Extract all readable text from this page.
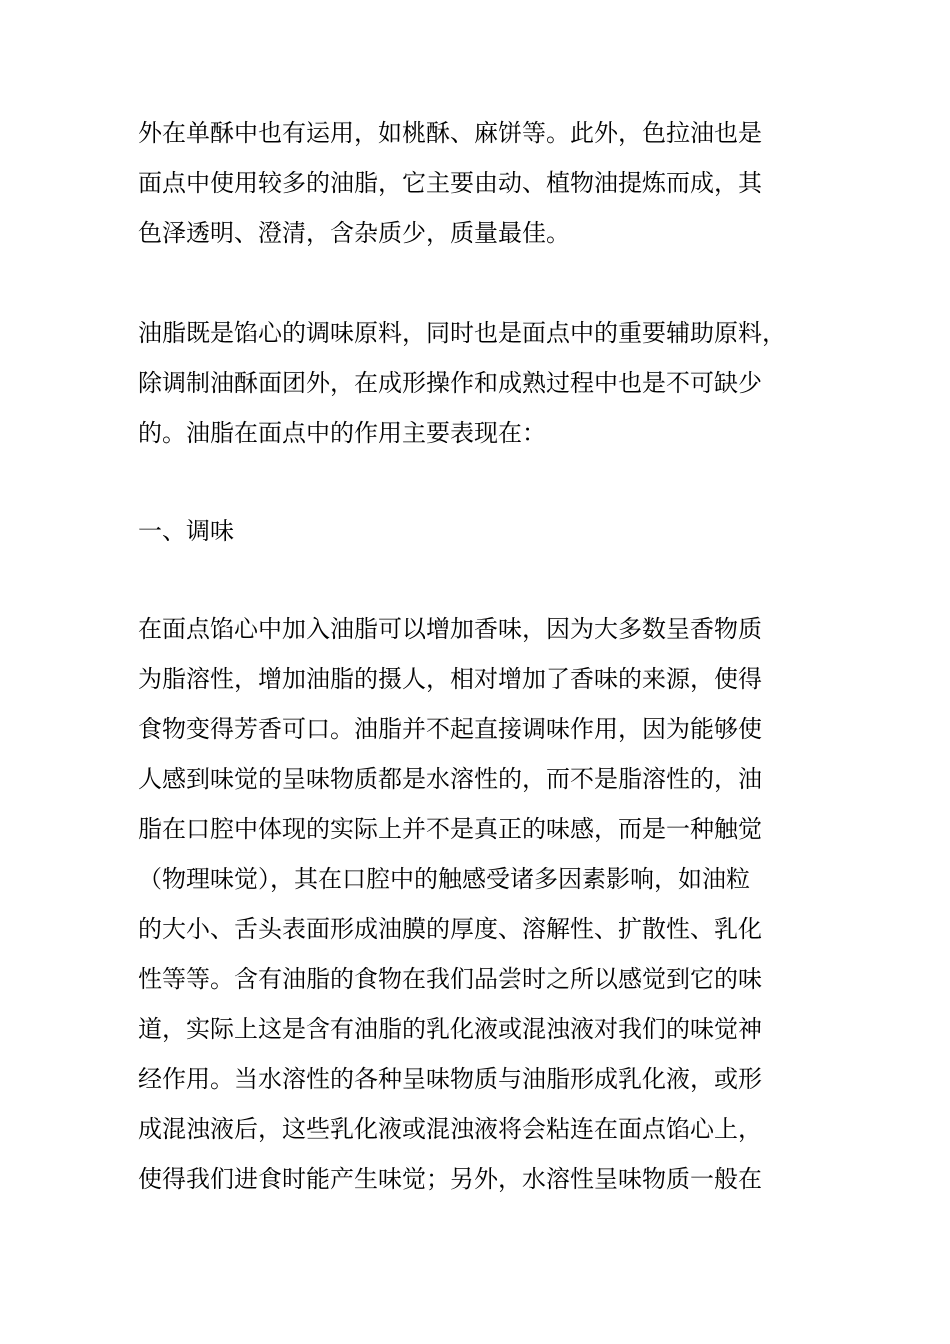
外在单酥中也有运用，如桃酥、麻饼等。此外，色拉油也是
面点中使用较多的油脂，它主要由动、植物油提炼而成，其
色泽透明、澄清，含杂质少，质量最佳。
油脂既是馅心的调味原料，同时也是面点中的重要辅助原料，
除调制油酥面团外，在成形操作和成熟过程中也是不可缺少
的。油脂在面点中的作用主要表现在：
一、调味
在面点馅心中加入油脂可以增加香味，因为大多数呈香物质
为脂溶性，增加油脂的摄人，相对增加了香味的来源，使得
食物变得芳香可口。油脂并不起直接调味作用，因为能够使
人感到味觉的呈味物质都是水溶性的，而不是脂溶性的，油
脂在口腔中体现的实际上并不是真正的味感，而是一种触觉
（物理味觉），其在口腔中的触感受诸多因素影响，如油粒
的大小、舌头表面形成油膜的厚度、溶解性、扩散性、乳化
性等等。含有油脂的食物在我们品尝时之所以感觉到它的味
道，实际上这是含有油脂的乳化液或混浊液对我们的味觉神
经作用。当水溶性的各种呈味物质与油脂形成乳化液，或形
成混浊液后，这些乳化液或混浊液将会粘连在面点馅心上，
使得我们进食时能产生味觉；另外，水溶性呈味物质一般在
